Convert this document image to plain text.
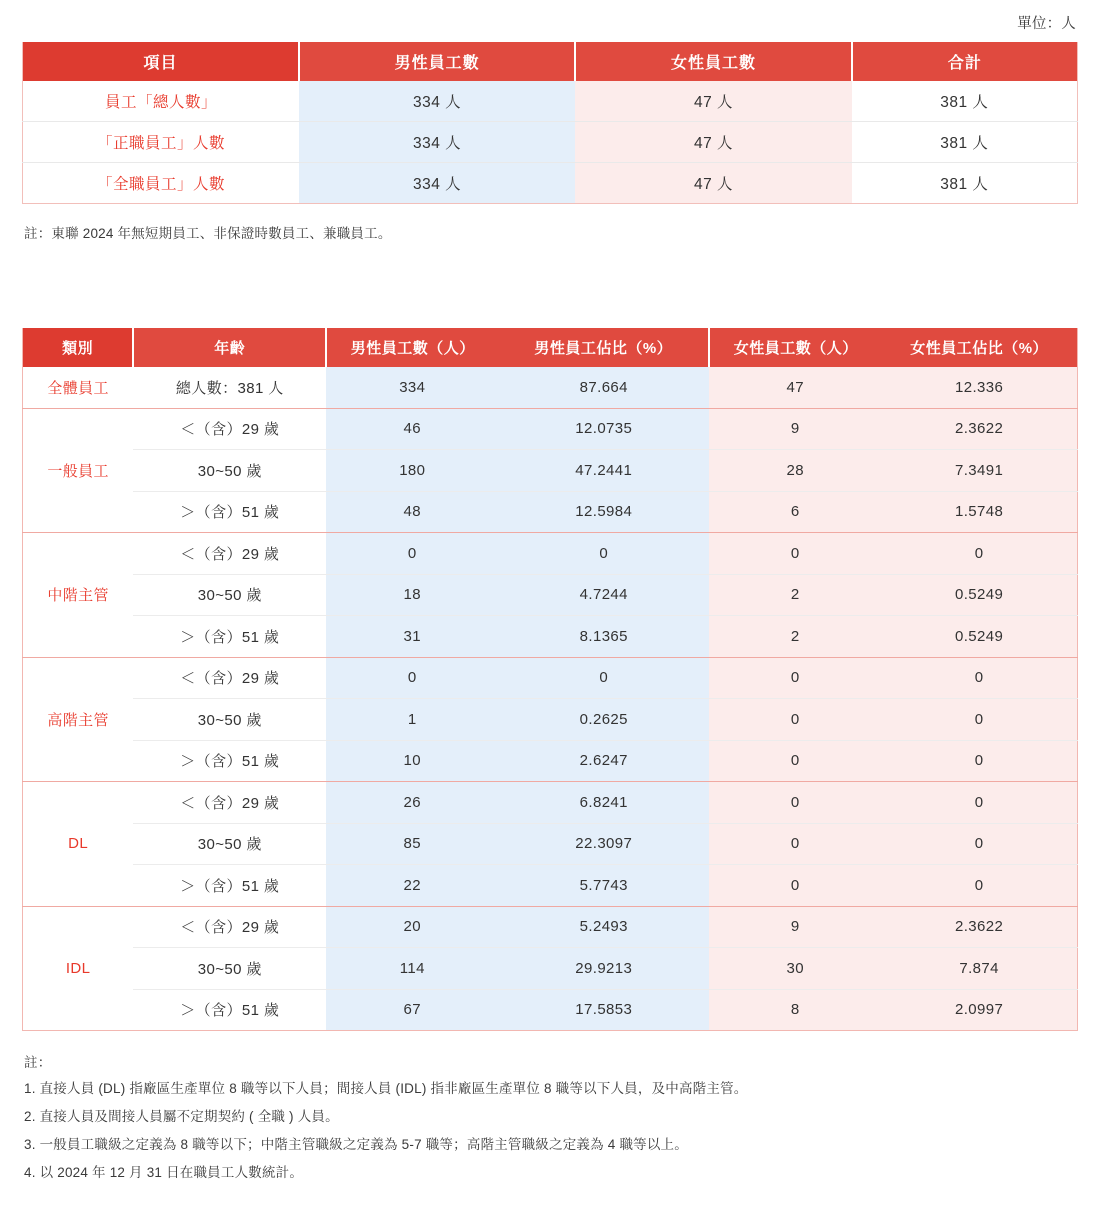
單位：人
項目	男性員工數	女性員工數	合計
員工「總人數」	334 人	47 人	381 人
「正職員工」人數	334 人	47 人	381 人
「全職員工」人數	334 人	47 人	381 人
註：東聯 2024 年無短期員工、非保證時數員工、兼職員工。
類別	年齡	男性員工數（人）	男性員工佔比（%）	女性員工數（人）	女性員工佔比（%）
全體員工	總人數：381 人	334	87.664	47	12.336
一般員工	＜（含）29 歲	46	12.0735	9	2.3622
	30~50 歲	180	47.2441	28	7.3491
	＞（含）51 歲	48	12.5984	6	1.5748
中階主管	＜（含）29 歲	0	0	0	0
	30~50 歲	18	4.7244	2	0.5249
	＞（含）51 歲	31	8.1365	2	0.5249
高階主管	＜（含）29 歲	0	0	0	0
	30~50 歲	1	0.2625	0	0
	＞（含）51 歲	10	2.6247	0	0
DL	＜（含）29 歲	26	6.8241	0	0
	30~50 歲	85	22.3097	0	0
	＞（含）51 歲	22	5.7743	0	0
IDL	＜（含）29 歲	20	5.2493	9	2.3622
	30~50 歲	114	29.9213	30	7.874
	＞（含）51 歲	67	17.5853	8	2.0997
註：
1. 直接人員 (DL) 指廠區生產單位 8 職等以下人員；間接人員 (IDL) 指非廠區生產單位 8 職等以下人員，及中高階主管。
2. 直接人員及間接人員屬不定期契約 ( 全職 ) 人員。
3. 一般員工職級之定義為 8 職等以下；中階主管職級之定義為 5-7 職等；高階主管職級之定義為 4 職等以上。
4. 以 2024 年 12 月 31 日在職員工人數統計。
